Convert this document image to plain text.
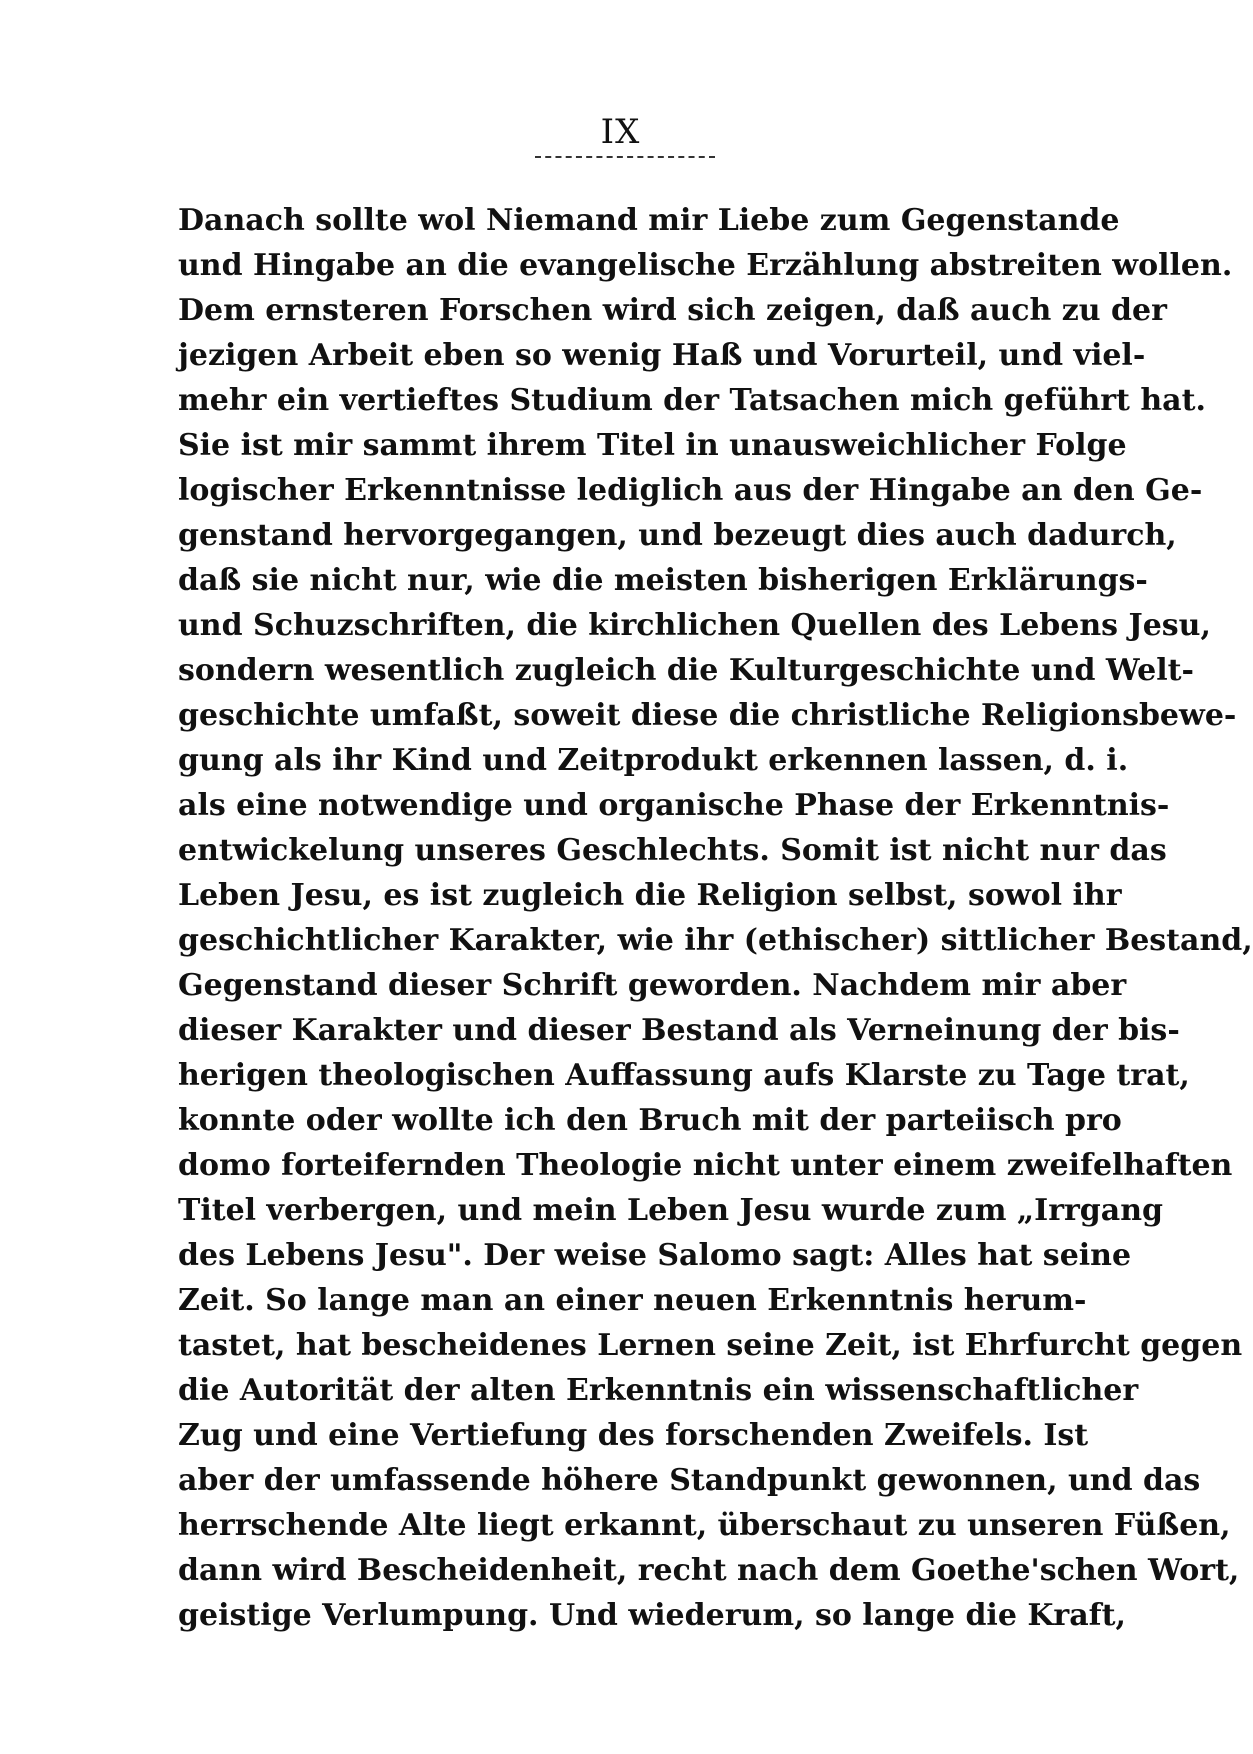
IX
Danach sollte wol Niemand mir Liebe zum Gegenstande
und Hingabe an die evangelische Erzählung abstreiten wollen.
Dem ernsteren Forschen wird sich zeigen, daß auch zu der
jezigen Arbeit eben so wenig Haß und Vorurteil, und viel-
mehr ein vertieftes Studium der Tatsachen mich geführt hat.
Sie ist mir sammt ihrem Titel in unausweichlicher Folge
logischer Erkenntnisse lediglich aus der Hingabe an den Ge-
genstand hervorgegangen, und bezeugt dies auch dadurch,
daß sie nicht nur, wie die meisten bisherigen Erklärungs-
und Schuzschriften, die kirchlichen Quellen des Lebens Jesu,
sondern wesentlich zugleich die Kulturgeschichte und Welt-
geschichte umfaßt, soweit diese die christliche Religionsbewe-
gung als ihr Kind und Zeitprodukt erkennen lassen, d. i.
als eine notwendige und organische Phase der Erkenntnis-
entwickelung unseres Geschlechts. Somit ist nicht nur das
Leben Jesu, es ist zugleich die Religion selbst, sowol ihr
geschichtlicher Karakter, wie ihr (ethischer) sittlicher Bestand,
Gegenstand dieser Schrift geworden. Nachdem mir aber
dieser Karakter und dieser Bestand als Verneinung der bis-
herigen theologischen Auffassung aufs Klarste zu Tage trat,
konnte oder wollte ich den Bruch mit der parteiisch pro
domo forteifernden Theologie nicht unter einem zweifelhaften
Titel verbergen, und mein Leben Jesu wurde zum „Irrgang
des Lebens Jesu". Der weise Salomo sagt: Alles hat seine
Zeit. So lange man an einer neuen Erkenntnis herum-
tastet, hat bescheidenes Lernen seine Zeit, ist Ehrfurcht gegen
die Autorität der alten Erkenntnis ein wissenschaftlicher
Zug und eine Vertiefung des forschenden Zweifels. Ist
aber der umfassende höhere Standpunkt gewonnen, und das
herrschende Alte liegt erkannt, überschaut zu unseren Füßen,
dann wird Bescheidenheit, recht nach dem Goethe'schen Wort,
geistige Verlumpung. Und wiederum, so lange die Kraft,
